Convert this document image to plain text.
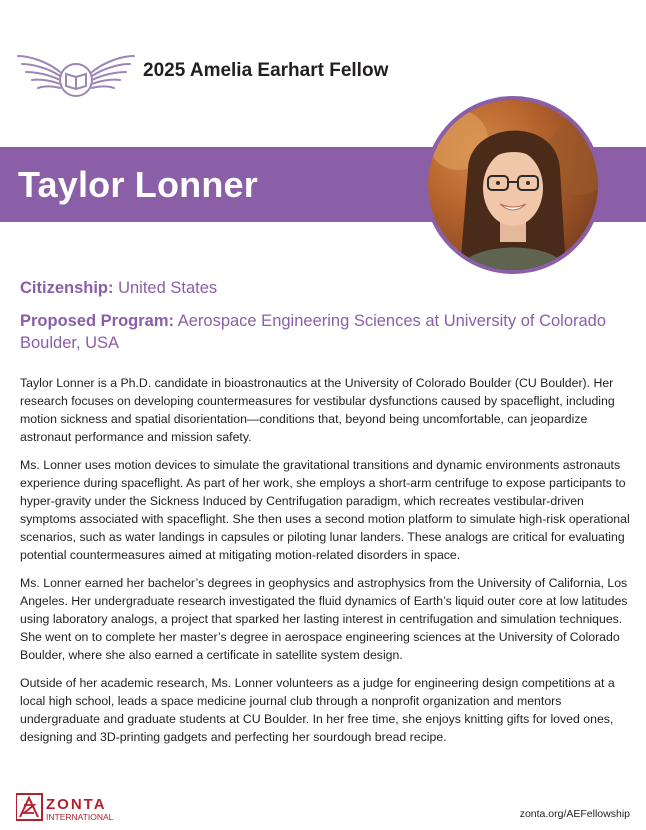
2025 Amelia Earhart Fellow
Taylor Lonner
Citizenship: United States
Proposed Program: Aerospace Engineering Sciences at University of Colorado Boulder, USA

Taylor Lonner is a Ph.D. candidate in bioastronautics at the University of Colorado Boulder (CU Boulder). Her research focuses on developing countermeasures for vestibular dysfunctions caused by spaceflight, including motion sickness and spatial disorientation—conditions that, beyond being uncomfortable, can jeopardize astronaut performance and mission safety.

Ms. Lonner uses motion devices to simulate the gravitational transitions and dynamic environments astronauts experience during spaceflight. As part of her work, she employs a short-arm centrifuge to expose participants to hyper-gravity under the Sickness Induced by Centrifugation paradigm, which recreates vestibular-driven symptoms associated with spaceflight. She then uses a second motion platform to simulate high-risk operational scenarios, such as water landings in capsules or piloting lunar landers. These analogs are critical for evaluating potential countermeasures aimed at mitigating motion-related disorders in space.

Ms. Lonner earned her bachelor’s degrees in geophysics and astrophysics from the University of California, Los Angeles. Her undergraduate research investigated the fluid dynamics of Earth’s liquid outer core at low latitudes using laboratory analogs, a project that sparked her lasting interest in centrifugation and simulation techniques. She went on to complete her master’s degree in aerospace engineering sciences at the University of Colorado Boulder, where she also earned a certificate in satellite system design.

Outside of her academic research, Ms. Lonner volunteers as a judge for engineering design competitions at a local high school, leads a space medicine journal club through a nonprofit organization and mentors undergraduate and graduate students at CU Boulder. In her free time, she enjoys knitting gifts for loved ones, designing and 3D-printing gadgets and perfecting her sourdough bread recipe.

ZONTA
INTERNATIONAL	zonta.org/AEFellowship
